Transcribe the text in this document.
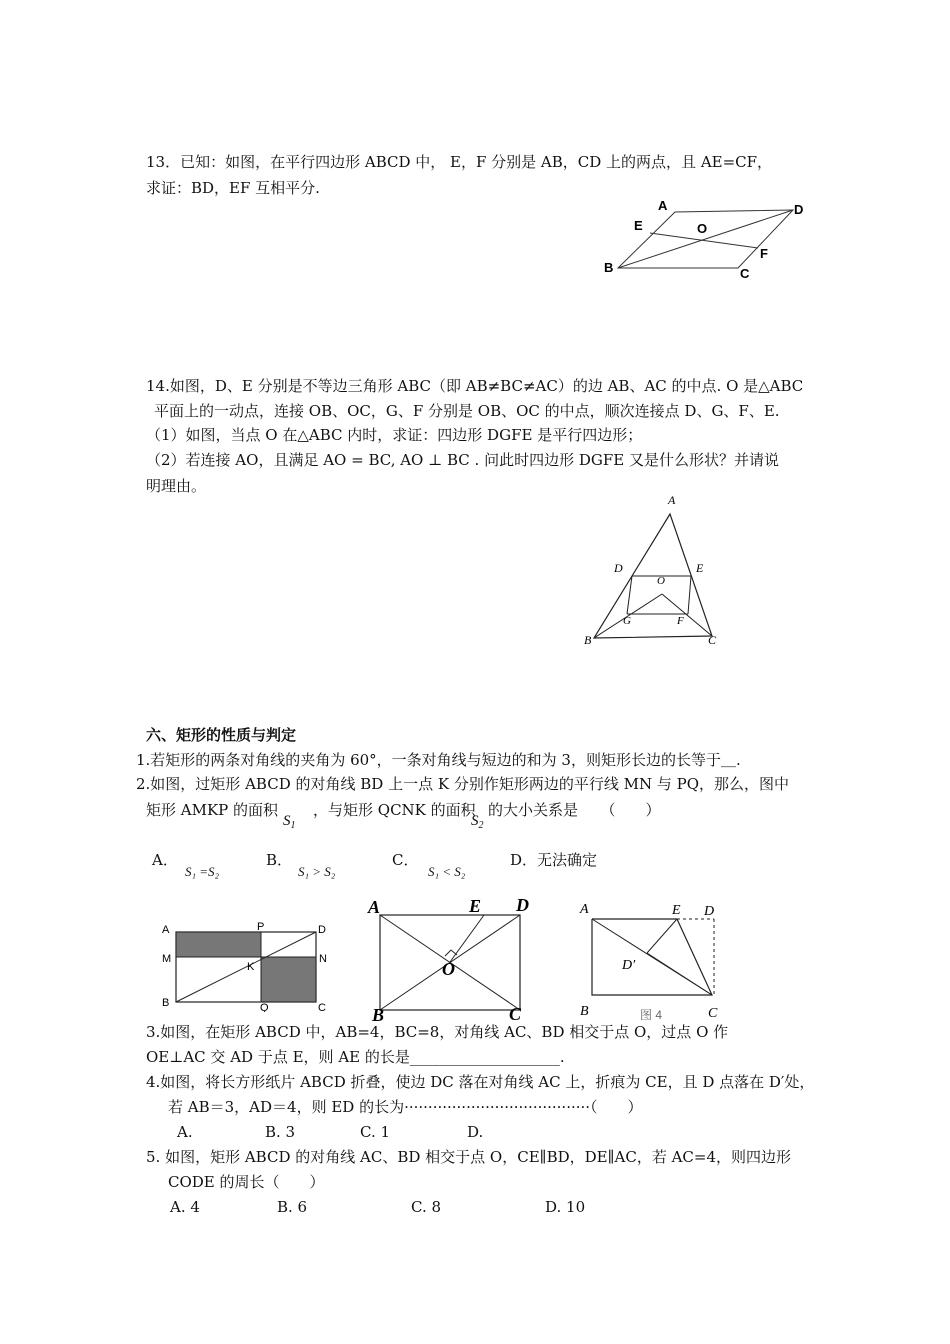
13．已知：如图，在平行四边形 ABCD 中， E，F 分别是 AB，CD 上的两点，且 AE=CF，
求证：BD，EF 互相平分.
A	D
E	O
F
B	C
14.如图，D、E 分别是不等边三角形 ABC（即 AB≠BC≠AC）的边 AB、AC 的中点. O 是△ABC
平面上的一动点，连接 OB、OC，G、F 分别是 OB、OC 的中点，顺次连接点 D、G、F、E.
（1）如图，当点 O 在△ABC 内时，求证：四边形 DGFE 是平行四边形；
（2）若连接 AO，且满足 AO = BC, AO ⊥ BC . 问此时四边形 DGFE 又是什么形状？并请说
明理由。
A
D	E
O
G	F
B	C
六、矩形的性质与判定
1.若矩形的两条对角线的夹角为 60°，一条对角线与短边的和为 3，则矩形长边的长等于＿.
2.如图，过矩形 ABCD 的对角线 BD 上一点 K 分别作矩形两边的平行线 MN 与 PQ，那么，图中
矩形 AMKP 的面积
$S_1$
，与矩形 QCNK 的面积
$S_2$
的大小关系是　　（　　）
A．
S₁ =S₂
B．
S₁ > S₂
C．
S₁ < S₂
D．无法确定
A	P	D
M
K
N
B	Q	C
A	E D
O
B	C
A	E D
D′
B	C
图 4
3.如图，在矩形 ABCD 中，AB=4，BC=8，对角线 AC、BD 相交于点 O，过点 O 作
OE⊥AC 交 AD 于点 E，则 AE 的长是____________________.
4.如图，将长方形纸片 ABCD 折叠，使边 DC 落在对角线 AC 上，折痕为 CE，且 D 点落在 D′处，
若 AB＝3，AD＝4，则 ED 的长为·······································（　　）
A.	B. 3	C. 1	D.
5. 如图，矩形 ABCD 的对角线 AC、BD 相交于点 O，CE∥BD，DE∥AC，若 AC=4，则四边形
CODE 的周长（　　）
A. 4	B. 6	C. 8	D. 10
